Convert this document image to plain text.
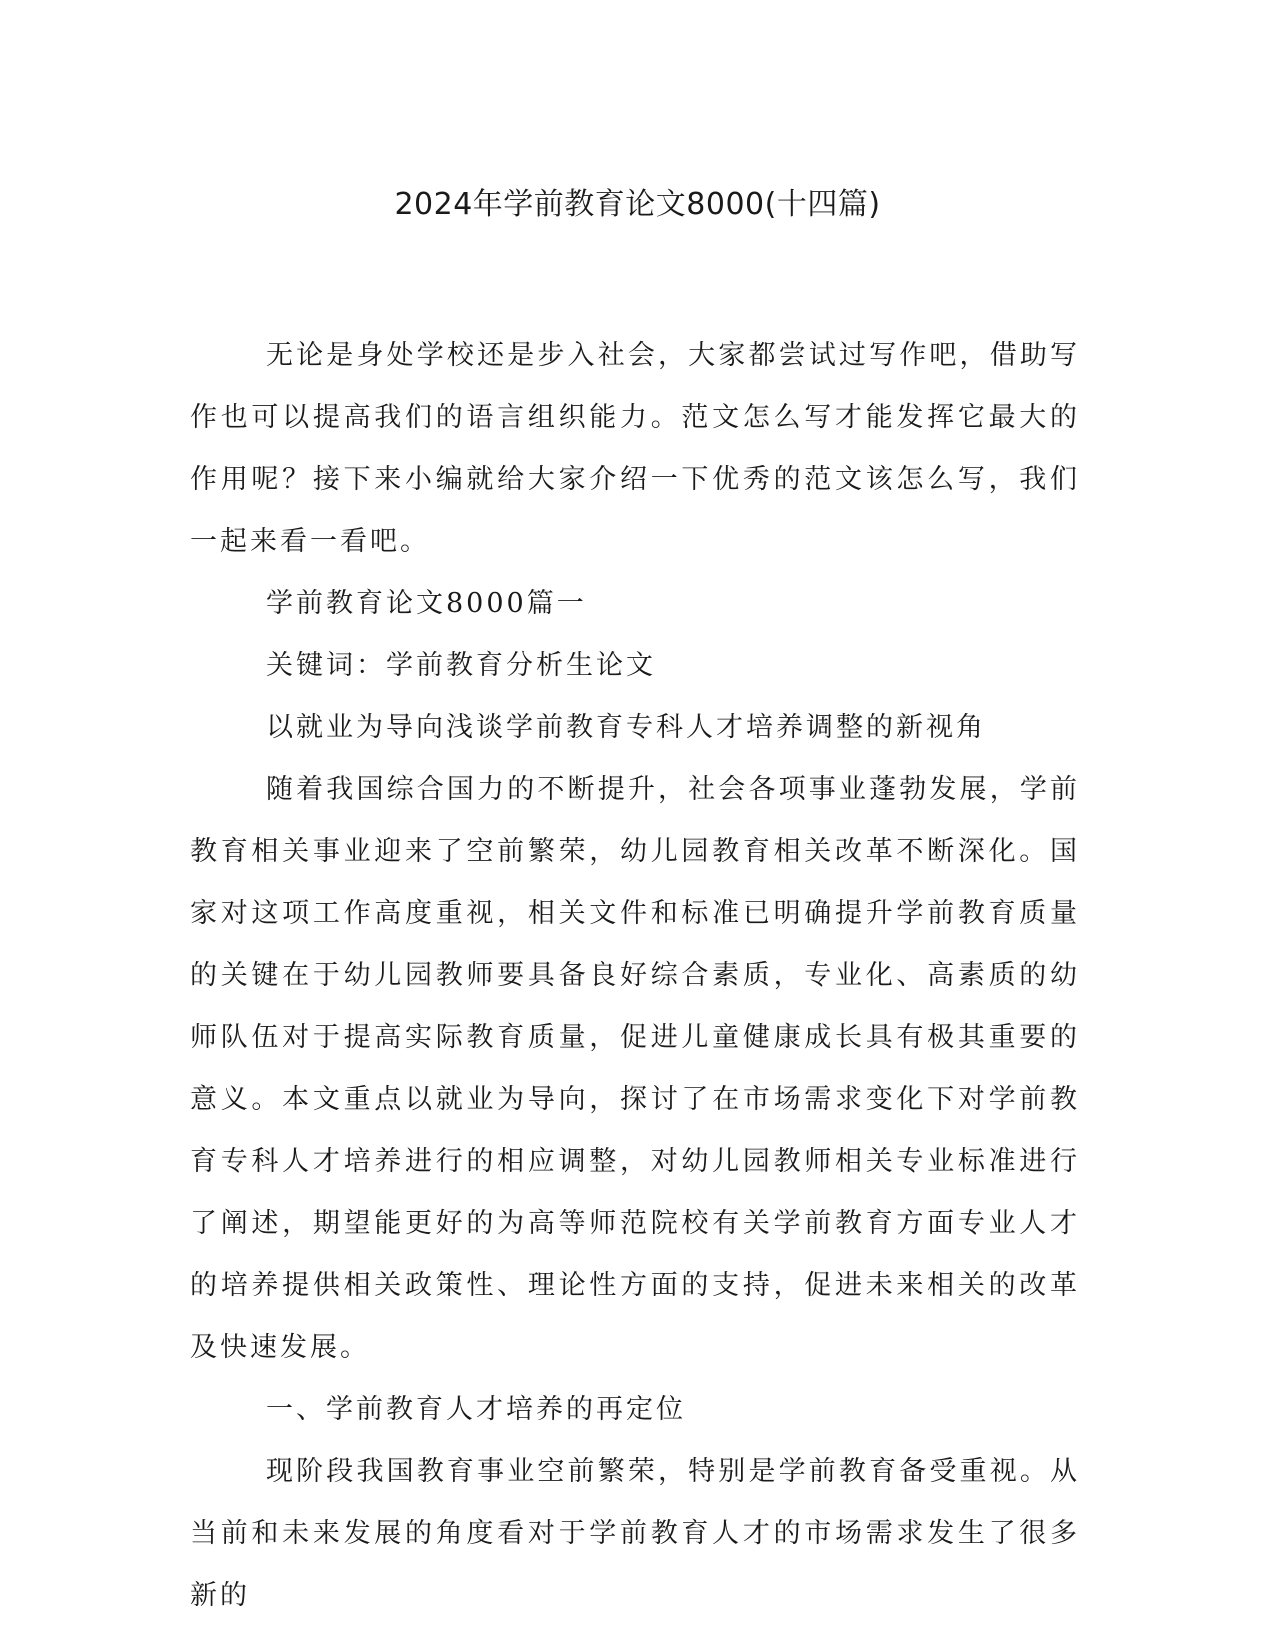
2024年学前教育论文8000(十四篇)

无论是身处学校还是步入社会，大家都尝试过写作吧，借助写作也可以提高我们的语言组织能力。范文怎么写才能发挥它最大的作用呢？接下来小编就给大家介绍一下优秀的范文该怎么写，我们一起来看一看吧。

学前教育论文8000篇一

关键词：学前教育分析生论文

以就业为导向浅谈学前教育专科人才培养调整的新视角

随着我国综合国力的不断提升，社会各项事业蓬勃发展，学前教育相关事业迎来了空前繁荣，幼儿园教育相关改革不断深化。国家对这项工作高度重视，相关文件和标准已明确提升学前教育质量的关键在于幼儿园教师要具备良好综合素质，专业化、高素质的幼师队伍对于提高实际教育质量，促进儿童健康成长具有极其重要的意义。本文重点以就业为导向，探讨了在市场需求变化下对学前教育专科人才培养进行的相应调整，对幼儿园教师相关专业标准进行了阐述，期望能更好的为高等师范院校有关学前教育方面专业人才的培养提供相关政策性、理论性方面的支持，促进未来相关的改革及快速发展。

一、学前教育人才培养的再定位

现阶段我国教育事业空前繁荣，特别是学前教育备受重视。从当前和未来发展的角度看对于学前教育人才的市场需求发生了很多新的
